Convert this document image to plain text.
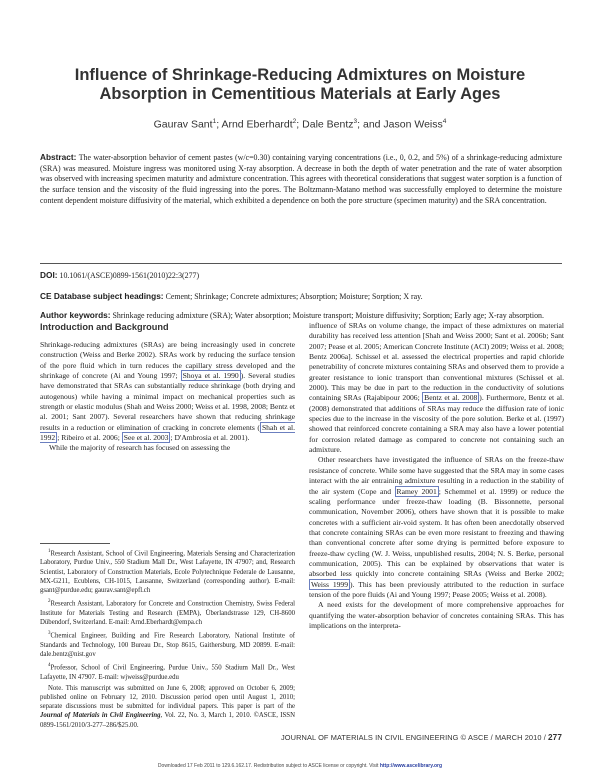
Influence of Shrinkage-Reducing Admixtures on Moisture
Absorption in Cementitious Materials at Early Ages
Gaurav Sant$^1$; Arnd Eberhardt$^2$; Dale Bentz$^3$; and Jason Weiss$^4$
Abstract: The water-absorption behavior of cement pastes (w/c=0.30) containing varying concentrations (i.e., 0, 0.2, and 5%) of a shrinkage-reducing admixture (SRA) was measured. Moisture ingress was monitored using X-ray absorption. A decrease in both the depth of water penetration and the rate of water absorption was observed with increasing specimen maturity and admixture concentration. This agrees with theoretical considerations that suggest water sorption is a function of the surface tension and the viscosity of the fluid ingressing into the pores. The Boltzmann-Matano method was successfully employed to determine the moisture content dependent moisture diffusivity of the material, which exhibited a dependence on both the pore structure (specimen maturity) and the SRA concentration.
DOI: 10.1061/(ASCE)0899-1561(2010)22:3(277)
CE Database subject headings: Cement; Shrinkage; Concrete admixtures; Absorption; Moisture; Sorption; X ray.
Author keywords: Shrinkage reducing admixture (SRA); Water absorption; Moisture transport; Moisture diffusivity; Sorption; Early age; X-ray absorption.
Introduction and Background

Shrinkage-reducing admixtures (SRAs) are being increasingly used in concrete construction (Weiss and Berke 2002). SRAs work by reducing the surface tension of the pore fluid which in turn reduces the capillary stress developed and the shrinkage of concrete (Ai and Young 1997; Shoya et al. 1990 ). Several studies have demonstrated that SRAs can substantially reduce shrinkage (both drying and autogenous) while having a minimal impact on mechanical properties such as strength or elastic modulus (Shah and Weiss 2000; Weiss et al. 1998, 2008; Bentz et al. 2001; Sant 2007). Several researchers have shown that reducing shrinkage results in a reduction or elimination of cracking in concrete elements ( Shah et al. 1992 ; Ribeiro et al. 2006; See et al. 2003 ; D'Ambrosia et al. 2001).

While the majority of research has focused on assessing the

$^1$Research Assistant, School of Civil Engineering, Materials Sensing and Characterization Laboratory, Purdue Univ., 550 Stadium Mall Dr., West Lafayette, IN 47907; and, Research Scientist, Laboratory of Construction Materials, Ecole Polytechnique Federale de Lausanne, MX-G211, Ecublens, CH-1015, Lausanne, Switzerland (corresponding author). E-mail: gsant@purdue.edu; gaurav.sant@epfl.ch

$^2$Research Assistant, Laboratory for Concrete and Construction Chemistry, Swiss Federal Institute for Materials Testing and Research (EMPA), Überlandstrasse 129, CH-8600 Dübendorf, Switzerland. E-mail: Arnd.Eberhardt@empa.ch

$^3$Chemical Engineer, Building and Fire Research Laboratory, National Institute of Standards and Technology, 100 Bureau Dr., Stop 8615, Gaithersburg, MD 20899. E-mail: dale.bentz@nist.gov

$^4$Professor, School of Civil Engineering, Purdue Univ., 550 Stadium Mall Dr., West Lafayette, IN 47907. E-mail: wjweiss@purdue.edu

Note. This manuscript was submitted on June 6, 2008; approved on October 6, 2009; published online on February 12, 2010. Discussion period open until August 1, 2010; separate discussions must be submitted for individual papers. This paper is part of the Journal of Materials in Civil Engineering, Vol. 22, No. 3, March 1, 2010. ©ASCE, ISSN 0899-1561/2010/3-277–286/$25.00.

influence of SRAs on volume change, the impact of these admixtures on material durability has received less attention [Shah and Weiss 2000; Sant et al. 2006b; Sant 2007; Pease et al. 2005; American Concrete Institute (ACI) 2009; Weiss et al. 2008; Bentz 2006a]. Schissel et al. assessed the electrical properties and rapid chloride penetrability of concrete mixtures containing SRAs and observed them to provide a greater resistance to ionic transport than conventional mixtures (Schissel et al. 2000). This may be due in part to the reduction in the conductivity of solutions containing SRAs (Rajabipour 2006; Bentz et al. 2008 ). Furthermore, Bentz et al. (2008) demonstrated that additions of SRAs may reduce the diffusion rate of ionic species due to the increase in the viscosity of the pore solution. Berke et al. (1997) showed that reinforced concrete containing a SRA may also have a lower potential for corrosion related damage as compared to concrete not containing such an admixture.

Other researchers have investigated the influence of SRAs on the freeze-thaw resistance of concrete. While some have suggested that the SRA may in some cases interact with the air entraining admixture resulting in a reduction in the stability of the air system (Cope and Ramey 2001 ; Schemmel et al. 1999) or reduce the scaling performance under freeze-thaw loading (B. Bissonnette, personal communication, November 2006), others have shown that it is possible to make concretes with a sufficient air-void system. It has often been anecdotally observed that concrete containing SRAs can be even more resistant to freezing and thawing than conventional concrete after some drying is permitted before exposure to freeze-thaw cycling (W. J. Weiss, unpublished results, 2004; N. S. Berke, personal communication, 2005). This can be explained by observations that water is absorbed less quickly into concrete containing SRAs (Weiss and Berke 2002; Weiss 1999 ). This has been previously attributed to the reduction in surface tension of the pore fluids (Ai and Young 1997; Pease 2005; Weiss et al. 2008).

A need exists for the development of more comprehensive approaches for quantifying the water-absorption behavior of concretes containing SRAs. This has implications on the interpreta-

JOURNAL OF MATERIALS IN CIVIL ENGINEERING © ASCE / MARCH 2010 / 277
Downloaded 17 Feb 2011 to 129.6.162.17. Redistribution subject to ASCE license or copyright. Visit http://www.ascelibrary.org
